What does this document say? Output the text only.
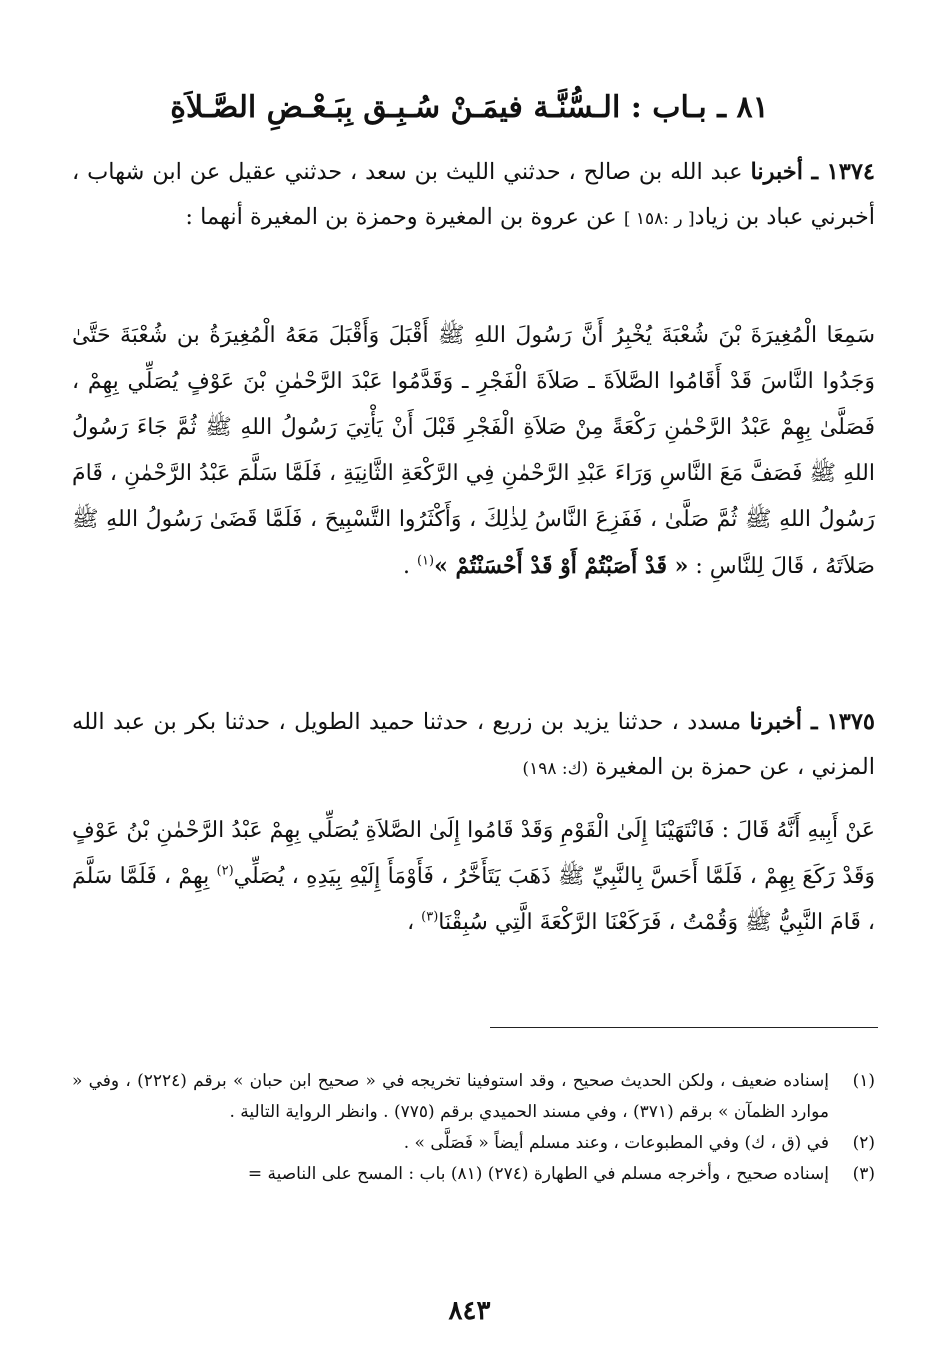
٨١ ـ بـاب : الـسُّنَّـة فيمَـنْ سُـبِـق بِبَـعْـضِ الصَّـلاَةِ

١٣٧٤ ـ أخبرنا عبد الله بن صالح ، حدثني الليث بن سعد ، حدثني عقيل عن ابن شهاب ، أخبرني عباد بن زياد[ ر :١٥٨ ] عن عروة بن المغيرة وحمزة بن المغيرة أنهما :

سَمِعَا الْمُغِيرَةَ بْنَ شُعْبَةَ يُخْبِرُ أَنَّ رَسُولَ اللهِ ﷺ أَقْبَلَ وَأَقْبَلَ مَعَهُ الْمُغِيرَةُ بن شُعْبَةَ حَتَّىٰ وَجَدُوا النَّاسَ قَدْ أَقَامُوا الصَّلاَةَ ـ صَلاَةَ الْفَجْرِ ـ وَقَدَّمُوا عَبْدَ الرَّحْمٰنِ بْنَ عَوْفٍ يُصَلِّي بِهِمْ ، فَصَلَّىٰ بِهِمْ عَبْدُ الرَّحْمٰنِ رَكْعَةً مِنْ صَلاَةِ الْفَجْرِ قَبْلَ أَنْ يَأْتِيَ رَسُولُ اللهِ ﷺ ثُمَّ جَاءَ رَسُولُ اللهِ ﷺ فَصَفَّ مَعَ النَّاسِ وَرَاءَ عَبْدِ الرَّحْمٰنِ فِي الرَّكْعَةِ الثَّانِيَةِ ، فَلَمَّا سَلَّمَ عَبْدُ الرَّحْمٰنِ ، قَامَ رَسُولُ اللهِ ﷺ ثُمَّ صَلَّىٰ ، فَفَزِعَ النَّاسُ لِذٰلِكَ ، وَأَكْثَرُوا التَّسْبِيحَ ، فَلَمَّا قَضَىٰ رَسُولُ اللهِ ﷺ صَلاَتَهُ ، قَالَ لِلنَّاسِ : « قَدْ أَصَبْتُمْ أَوْ قَدْ أَحْسَنْتُمْ »$^{(١)}$ .

١٣٧٥ ـ أخبرنا مسدد ، حدثنا يزيد بن زريع ، حدثنا حميد الطويل ، حدثنا بكر بن عبد الله المزني ، عن حمزة بن المغيرة (ك: ١٩٨)

عَنْ أَبِيهِ أَنَّهُ قَالَ : فَانْتَهَيْنَا إِلَىٰ الْقَوْمِ وَقَدْ قَامُوا إِلَىٰ الصَّلاَةِ يُصَلِّي بِهِمْ عَبْدُ الرَّحْمٰنِ بْنُ عَوْفٍ وَقَدْ رَكَعَ بِهِمْ ، فَلَمَّا أَحَسَّ بِالنَّبِيِّ ﷺ ذَهَبَ يَتَأَخَّرُ ، فَأَوْمَأَ إِلَيْهِ بِيَدِهِ ، يُصَلِّي$^{(٢)}$ بِهِمْ ، فَلَمَّا سَلَّمَ ، قَامَ النَّبِيُّ ﷺ وَقُمْتُ ، فَرَكَعْنَا الرَّكْعَةَ الَّتِي سُبِقْنَا$^{(٣)}$ ،

(١)
إسناده ضعيف ، ولكن الحديث صحيح ، وقد استوفينا تخريجه في « صحيح ابن حبان » برقم (٢٢٢٤) ، وفي « موارد الظمآن » برقم (٣٧١) ، وفي مسند الحميدي برقم (٧٧٥) . وانظر الرواية التالية .
(٢)
في (ق ، ك) وفي المطبوعات ، وعند مسلم أيضاً « فَصَلَّى » .
(٣)
إسناده صحيح ، وأخرجه مسلم في الطهارة (٢٧٤) (٨١) باب : المسح على الناصية =
٨٤٣
